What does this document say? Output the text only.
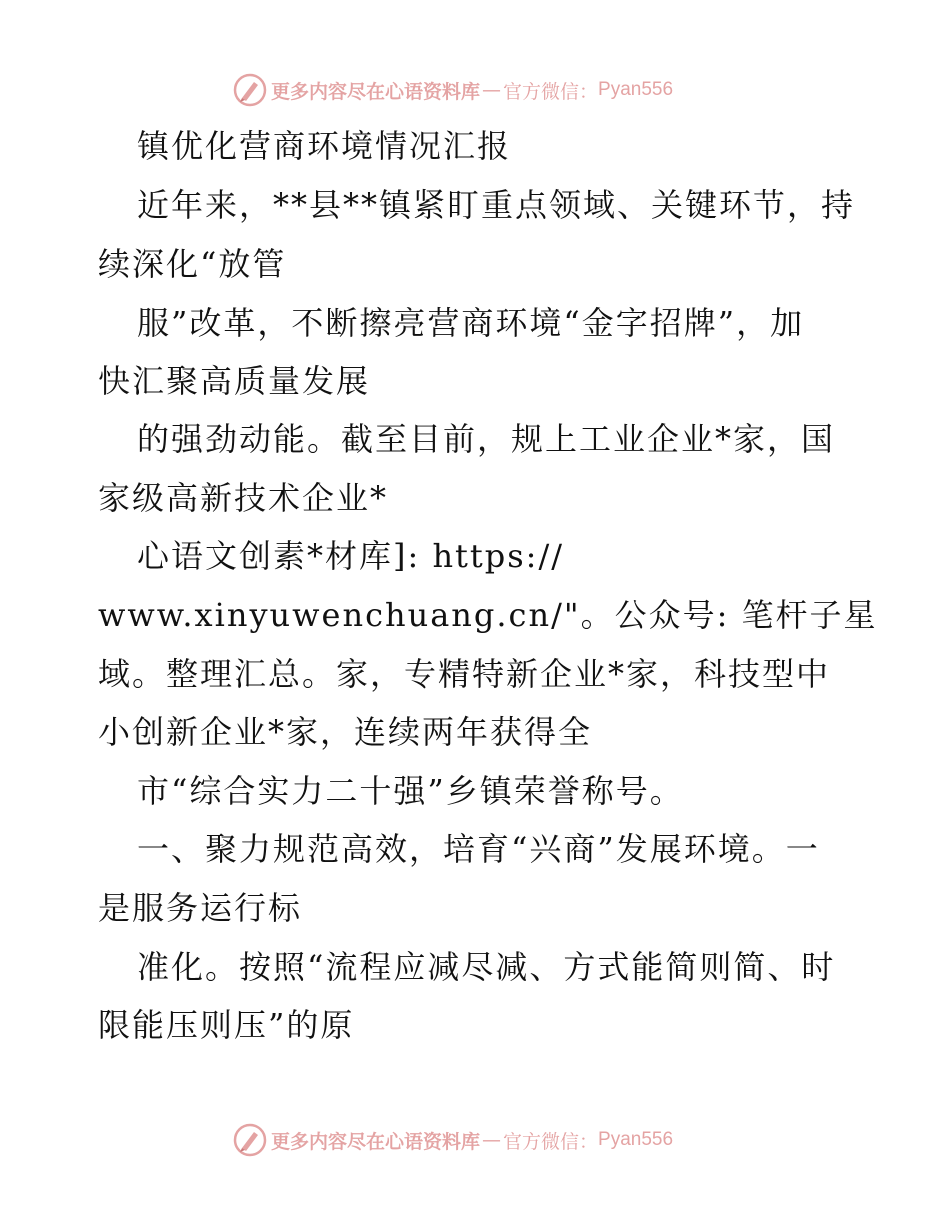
更多内容尽在心语资料库 — 官方微信： Pyan556
镇优化营商环境情况汇报
近年来，**县**镇紧盯重点领域、关键环节，持
续深化“放管
服”改革，不断擦亮营商环境“金字招牌”，加
快汇聚高质量发展
的强劲动能。截至目前，规上工业企业*家，国
家级高新技术企业*
心语文创素*材库]: https://
www.xinyuwenchuang.cn/"。公众号: 笔杆子星
域。整理汇总。家，专精特新企业*家，科技型中
小创新企业*家，连续两年获得全
市“综合实力二十强”乡镇荣誉称号。
一、聚力规范高效，培育“兴商”发展环境。一
是服务运行标
准化。按照“流程应减尽减、方式能简则简、时
限能压则压”的原
更多内容尽在心语资料库 — 官方微信： Pyan556
